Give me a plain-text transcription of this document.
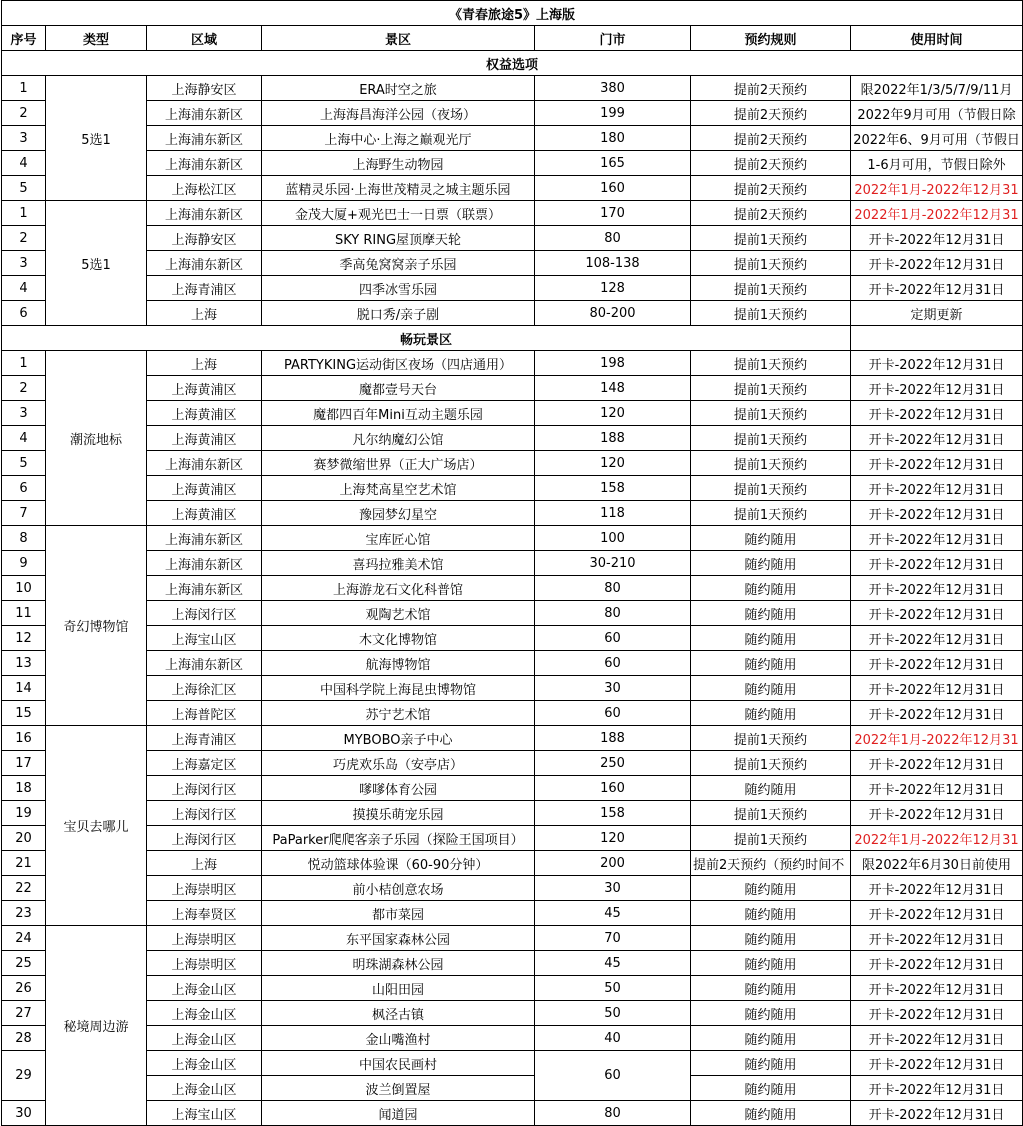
《青春旅途5》上海版						
序号	类型	区域	景区	门市	预约规则	使用时间
权益选项						
1	5选1	上海静安区	ERA时空之旅	380	提前2天预约	限2022年1/3/5/7/9/11月
2		上海浦东新区	上海海昌海洋公园（夜场）	199	提前2天预约	2022年9月可用（节假日除
3		上海浦东新区	上海中心·上海之巅观光厅	180	提前2天预约	2022年6、9月可用（节假日
4		上海浦东新区	上海野生动物园	165	提前2天预约	1-6月可用，节假日除外
5		上海松江区	蓝精灵乐园·上海世茂精灵之城主题乐园	160	提前2天预约	2022年1月-2022年12月31
1	5选1	上海浦东新区	金茂大厦+观光巴士一日票（联票）	170	提前2天预约	2022年1月-2022年12月31
2		上海静安区	SKY RING屋顶摩天轮	80	提前1天预约	开卡-2022年12月31日
3		上海浦东新区	季高兔窝窝亲子乐园	108-138	提前1天预约	开卡-2022年12月31日
4		上海青浦区	四季冰雪乐园	128	提前1天预约	开卡-2022年12月31日
6		上海	脱口秀/亲子剧	80-200	提前1天预约	定期更新
畅玩景区						
1	潮流地标	上海	PARTYKING运动街区夜场（四店通用）	198	提前1天预约	开卡-2022年12月31日
2		上海黄浦区	魔都壹号天台	148	提前1天预约	开卡-2022年12月31日
3		上海黄浦区	魔都四百年Mini互动主题乐园	120	提前1天预约	开卡-2022年12月31日
4		上海黄浦区	凡尔纳魔幻公馆	188	提前1天预约	开卡-2022年12月31日
5		上海浦东新区	赛梦微缩世界（正大广场店）	120	提前1天预约	开卡-2022年12月31日
6		上海黄浦区	上海梵高星空艺术馆	158	提前1天预约	开卡-2022年12月31日
7		上海黄浦区	豫园梦幻星空	118	提前1天预约	开卡-2022年12月31日
8	奇幻博物馆	上海浦东新区	宝库匠心馆	100	随约随用	开卡-2022年12月31日
9		上海浦东新区	喜玛拉雅美术馆	30-210	随约随用	开卡-2022年12月31日
10		上海浦东新区	上海游龙石文化科普馆	80	随约随用	开卡-2022年12月31日
11		上海闵行区	观陶艺术馆	80	随约随用	开卡-2022年12月31日
12		上海宝山区	木文化博物馆	60	随约随用	开卡-2022年12月31日
13		上海浦东新区	航海博物馆	60	随约随用	开卡-2022年12月31日
14		上海徐汇区	中国科学院上海昆虫博物馆	30	随约随用	开卡-2022年12月31日
15		上海普陀区	苏宁艺术馆	60	随约随用	开卡-2022年12月31日
16	宝贝去哪儿	上海青浦区	MYBOBO亲子中心	188	提前1天预约	2022年1月-2022年12月31
17		上海嘉定区	巧虎欢乐岛（安亭店）	250	提前1天预约	开卡-2022年12月31日
18		上海闵行区	嗲嗲体育公园	160	随约随用	开卡-2022年12月31日
19		上海闵行区	摸摸乐萌宠乐园	158	提前1天预约	开卡-2022年12月31日
20		上海闵行区	PaParker爬爬客亲子乐园（探险王国项目）	120	提前1天预约	2022年1月-2022年12月31
21		上海	悦动篮球体验课（60-90分钟）	200	提前2天预约（预约时间不	限2022年6月30日前使用
22		上海崇明区	前小桔创意农场	30	随约随用	开卡-2022年12月31日
23		上海奉贤区	都市菜园	45	随约随用	开卡-2022年12月31日
24	秘境周边游	上海崇明区	东平国家森林公园	70	随约随用	开卡-2022年12月31日
25		上海崇明区	明珠湖森林公园	45	随约随用	开卡-2022年12月31日
26		上海金山区	山阳田园	50	随约随用	开卡-2022年12月31日
27		上海金山区	枫泾古镇	50	随约随用	开卡-2022年12月31日
28		上海金山区	金山嘴渔村	40	随约随用	开卡-2022年12月31日
29		上海金山区	中国农民画村	60	随约随用	开卡-2022年12月31日
		上海金山区	波兰倒置屋		随约随用	开卡-2022年12月31日
30		上海宝山区	闻道园	80	随约随用	开卡-2022年12月31日
